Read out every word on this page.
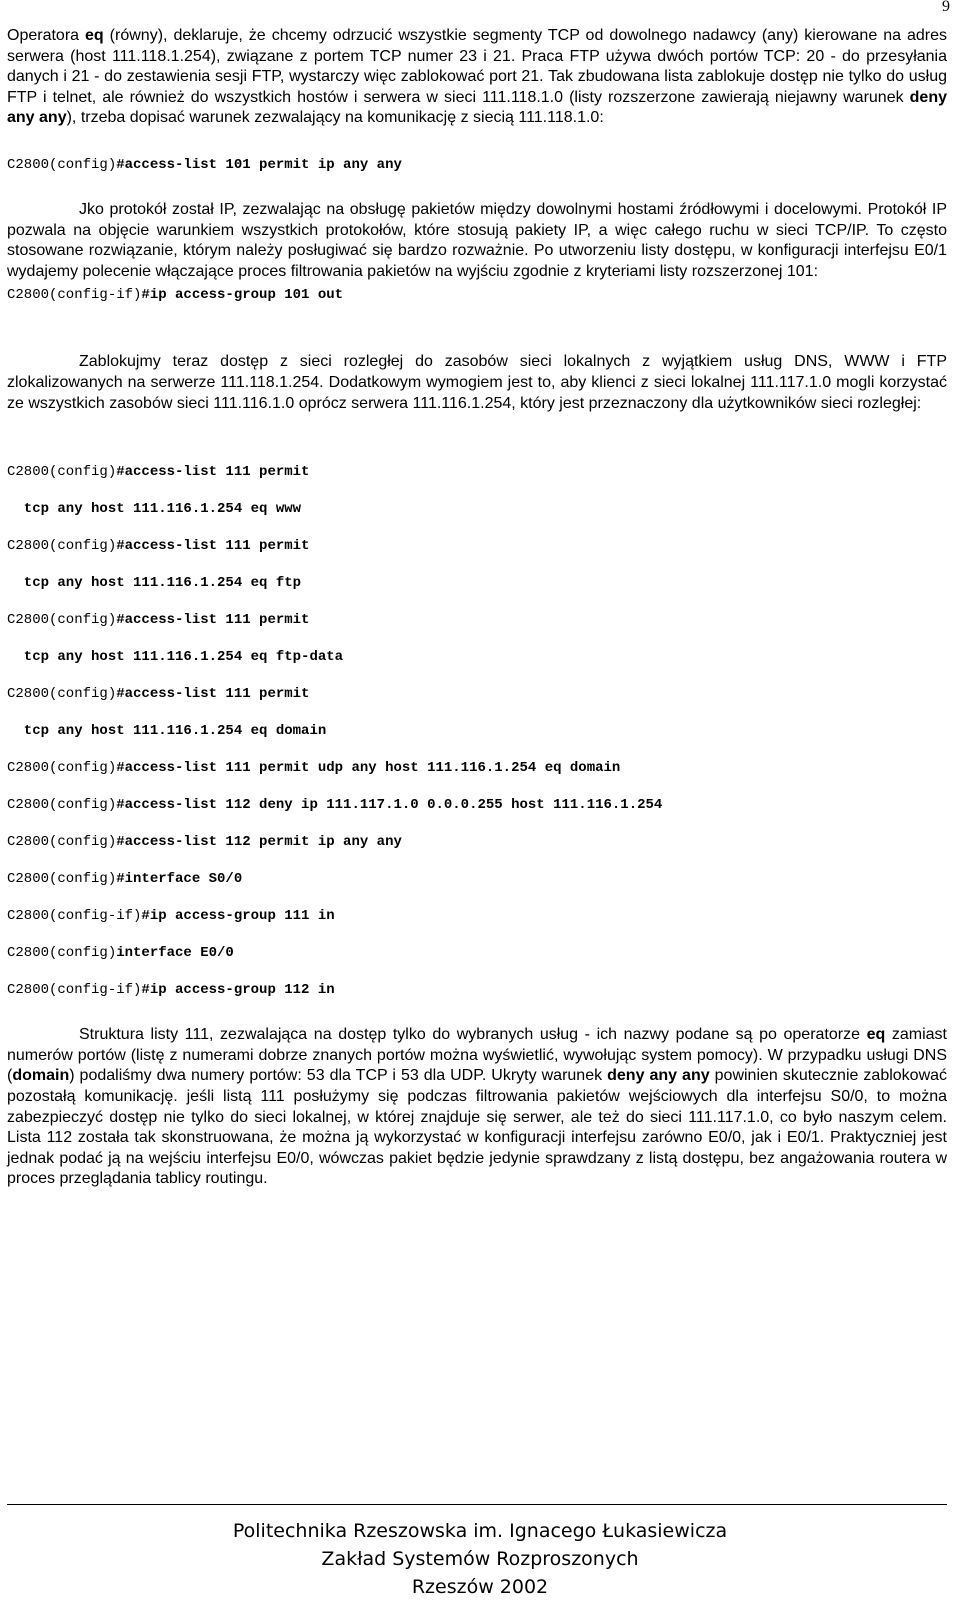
9

Operatora eq (równy), deklaruje, że chcemy odrzucić wszystkie segmenty TCP od dowolnego nadawcy (any) kierowane na adres serwera (host 111.118.1.254), związane z portem TCP numer 23 i 21. Praca FTP używa dwóch portów TCP: 20 - do przesyłania danych i 21 - do zestawienia sesji FTP, wystarczy więc zablokować port 21. Tak zbudowana lista zablokuje dostęp nie tylko do usług FTP i telnet, ale również do wszystkich hostów i serwera w sieci 111.118.1.0 (listy rozszerzone zawierają niejawny warunek deny any any), trzeba dopisać warunek zezwalający na komunikację z siecią 111.118.1.0:

C2800(config)#access-list 101 permit ip any any

Jko protokół został IP, zezwalając na obsługę pakietów między dowolnymi hostami źródłowymi i docelowymi. Protokół IP pozwala na objęcie warunkiem wszystkich protokołów, które stosują pakiety IP, a więc całego ruchu w sieci TCP/IP. To często stosowane rozwiązanie, którym należy posługiwać się bardzo rozważnie. Po utworzeniu listy dostępu, w konfiguracji interfejsu E0/1 wydajemy polecenie włączające proces filtrowania pakietów na wyjściu zgodnie z kryteriami listy rozszerzonej 101:

C2800(config-if)#ip access-group 101 out

Zablokujmy teraz dostęp z sieci rozległej do zasobów sieci lokalnych z wyjątkiem usług DNS, WWW i FTP zlokalizowanych na serwerze 111.118.1.254. Dodatkowym wymogiem jest to, aby klienci z sieci lokalnej 111.117.1.0 mogli korzystać ze wszystkich zasobów sieci 111.116.1.0 oprócz serwera 111.116.1.254, który jest przeznaczony dla użytkowników sieci rozległej:

C2800(config)#access-list 111 permit
tcp any host 111.116.1.254 eq www
C2800(config)#access-list 111 permit
tcp any host 111.116.1.254 eq ftp
C2800(config)#access-list 111 permit
tcp any host 111.116.1.254 eq ftp-data
C2800(config)#access-list 111 permit
tcp any host 111.116.1.254 eq domain
C2800(config)#access-list 111 permit udp any host 111.116.1.254 eq domain
C2800(config)#access-list 112 deny ip 111.117.1.0 0.0.0.255 host 111.116.1.254
C2800(config)#access-list 112 permit ip any any
C2800(config)#interface S0/0
C2800(config-if)#ip access-group 111 in
C2800(config)interface E0/0
C2800(config-if)#ip access-group 112 in

Struktura listy 111, zezwalająca na dostęp tylko do wybranych usług - ich nazwy podane są po operatorze eq zamiast numerów portów (listę z numerami dobrze znanych portów można wyświetlić, wywołując system pomocy). W przypadku usługi DNS (domain) podaliśmy dwa numery portów: 53 dla TCP i 53 dla UDP. Ukryty warunek deny any any powinien skutecznie zablokować pozostałą komunikację. jeśli listą 111 posłużymy się podczas filtrowania pakietów wejściowych dla interfejsu S0/0, to można zabezpieczyć dostęp nie tylko do sieci lokalnej, w której znajduje się serwer, ale też do sieci 111.117.1.0, co było naszym celem. Lista 112 została tak skonstruowana, że można ją wykorzystać w konfiguracji interfejsu zarówno E0/0, jak i E0/1. Praktyczniej jest jednak podać ją na wejściu interfejsu E0/0, wówczas pakiet będzie jedynie sprawdzany z listą dostępu, bez angażowania routera w proces przeglądania tablicy routingu.

Politechnika Rzeszowska im. Ignacego Łukasiewicza
Zakład Systemów Rozproszonych
Rzeszów 2002
